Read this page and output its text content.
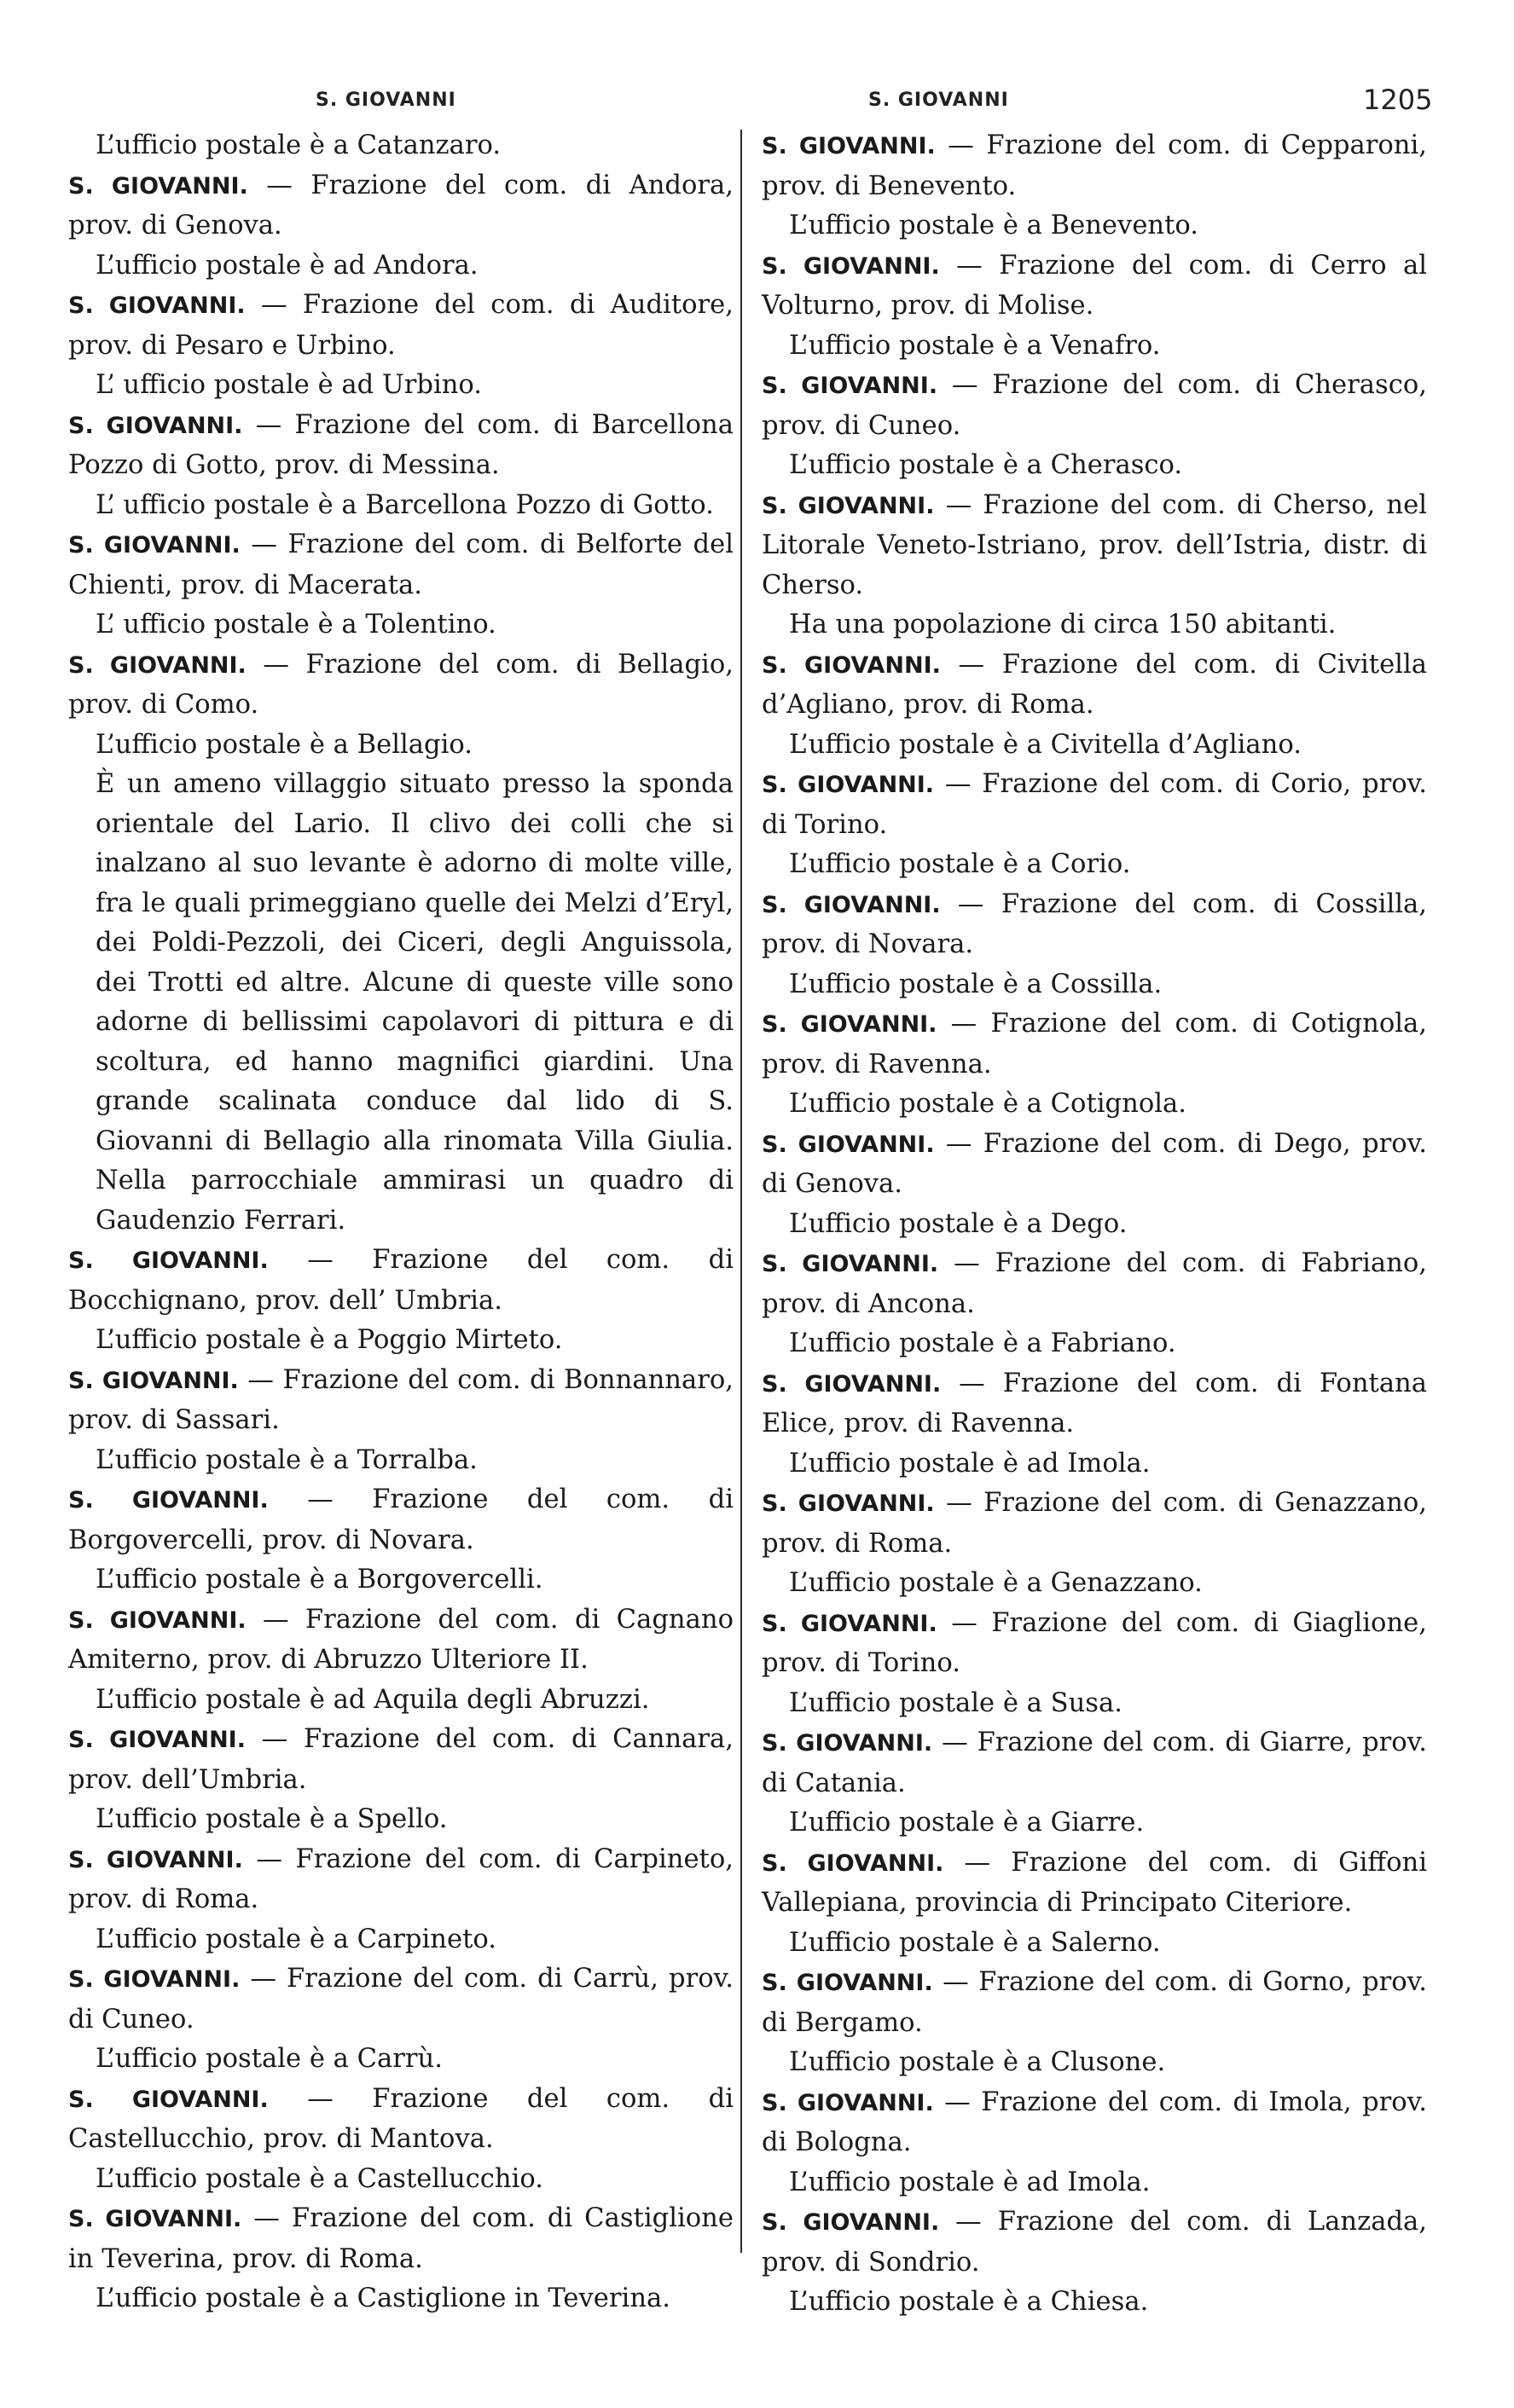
S. GIOVANNI	S. GIOVANNI	1205

L’ufficio postale è a Catanzaro.

S. GIOVANNI. — Frazione del com. di Andora, prov. di Genova.

L’ufficio postale è ad Andora.

S. GIOVANNI. — Frazione del com. di Auditore, prov. di Pesaro e Urbino.

L’ ufficio postale è ad Urbino.

S. GIOVANNI. — Frazione del com. di Barcellona Pozzo di Gotto, prov. di Messina.

L’ ufficio postale è a Barcellona Pozzo di Gotto.

S. GIOVANNI. — Frazione del com. di Belforte del Chienti, prov. di Macerata.

L’ ufficio postale è a Tolentino.

S. GIOVANNI. — Frazione del com. di Bellagio, prov. di Como.

L’ufficio postale è a Bellagio.

È un ameno villaggio situato presso la sponda orientale del Lario. Il clivo dei colli che si inalzano al suo levante è adorno di molte ville, fra le quali primeggiano quelle dei Melzi d’Eryl, dei Poldi-Pezzoli, dei Ciceri, degli Anguissola, dei Trotti ed altre. Alcune di queste ville sono adorne di bellissimi capolavori di pittura e di scoltura, ed hanno magnifici giardini. Una grande scalinata conduce dal lido di S. Giovanni di Bellagio alla rinomata Villa Giulia. Nella parrocchiale ammirasi un quadro di Gaudenzio Ferrari.

S. GIOVANNI. — Frazione del com. di Bocchignano, prov. dell’ Umbria.

L’ufficio postale è a Poggio Mirteto.

S. GIOVANNI. — Frazione del com. di Bonnannaro, prov. di Sassari.

L’ufficio postale è a Torralba.

S. GIOVANNI. — Frazione del com. di Borgovercelli, prov. di Novara.

L’ufficio postale è a Borgovercelli.

S. GIOVANNI. — Frazione del com. di Cagnano Amiterno, prov. di Abruzzo Ulteriore II.

L’ufficio postale è ad Aquila degli Abruzzi.

S. GIOVANNI. — Frazione del com. di Cannara, prov. dell’Umbria.

L’ufficio postale è a Spello.

S. GIOVANNI. — Frazione del com. di Carpineto, prov. di Roma.

L’ufficio postale è a Carpineto.

S. GIOVANNI. — Frazione del com. di Carrù, prov. di Cuneo.

L’ufficio postale è a Carrù.

S. GIOVANNI. — Frazione del com. di Castellucchio, prov. di Mantova.

L’ufficio postale è a Castellucchio.

S. GIOVANNI. — Frazione del com. di Castiglione in Teverina, prov. di Roma.

L’ufficio postale è a Castiglione in Teverina.

S. GIOVANNI. — Frazione del com. di Cepparoni, prov. di Benevento.

L’ufficio postale è a Benevento.

S. GIOVANNI. — Frazione del com. di Cerro al Volturno, prov. di Molise.

L’ufficio postale è a Venafro.

S. GIOVANNI. — Frazione del com. di Cherasco, prov. di Cuneo.

L’ufficio postale è a Cherasco.

S. GIOVANNI. — Frazione del com. di Cherso, nel Litorale Veneto-Istriano, prov. dell’Istria, distr. di Cherso.

Ha una popolazione di circa 150 abitanti.

S. GIOVANNI. — Frazione del com. di Civitella d’Agliano, prov. di Roma.

L’ufficio postale è a Civitella d’Agliano.

S. GIOVANNI. — Frazione del com. di Corio, prov. di Torino.

L’ufficio postale è a Corio.

S. GIOVANNI. — Frazione del com. di Cossilla, prov. di Novara.

L’ufficio postale è a Cossilla.

S. GIOVANNI. — Frazione del com. di Cotignola, prov. di Ravenna.

L’ufficio postale è a Cotignola.

S. GIOVANNI. — Frazione del com. di Dego, prov. di Genova.

L’ufficio postale è a Dego.

S. GIOVANNI. — Frazione del com. di Fabriano, prov. di Ancona.

L’ufficio postale è a Fabriano.

S. GIOVANNI. — Frazione del com. di Fontana Elice, prov. di Ravenna.

L’ufficio postale è ad Imola.

S. GIOVANNI. — Frazione del com. di Genazzano, prov. di Roma.

L’ufficio postale è a Genazzano.

S. GIOVANNI. — Frazione del com. di Giaglione, prov. di Torino.

L’ufficio postale è a Susa.

S. GIOVANNI. — Frazione del com. di Giarre, prov. di Catania.

L’ufficio postale è a Giarre.

S. GIOVANNI. — Frazione del com. di Giffoni Vallepiana, provincia di Principato Citeriore.

L’ufficio postale è a Salerno.

S. GIOVANNI. — Frazione del com. di Gorno, prov. di Bergamo.

L’ufficio postale è a Clusone.

S. GIOVANNI. — Frazione del com. di Imola, prov. di Bologna.

L’ufficio postale è ad Imola.

S. GIOVANNI. — Frazione del com. di Lanzada, prov. di Sondrio.

L’ufficio postale è a Chiesa.
